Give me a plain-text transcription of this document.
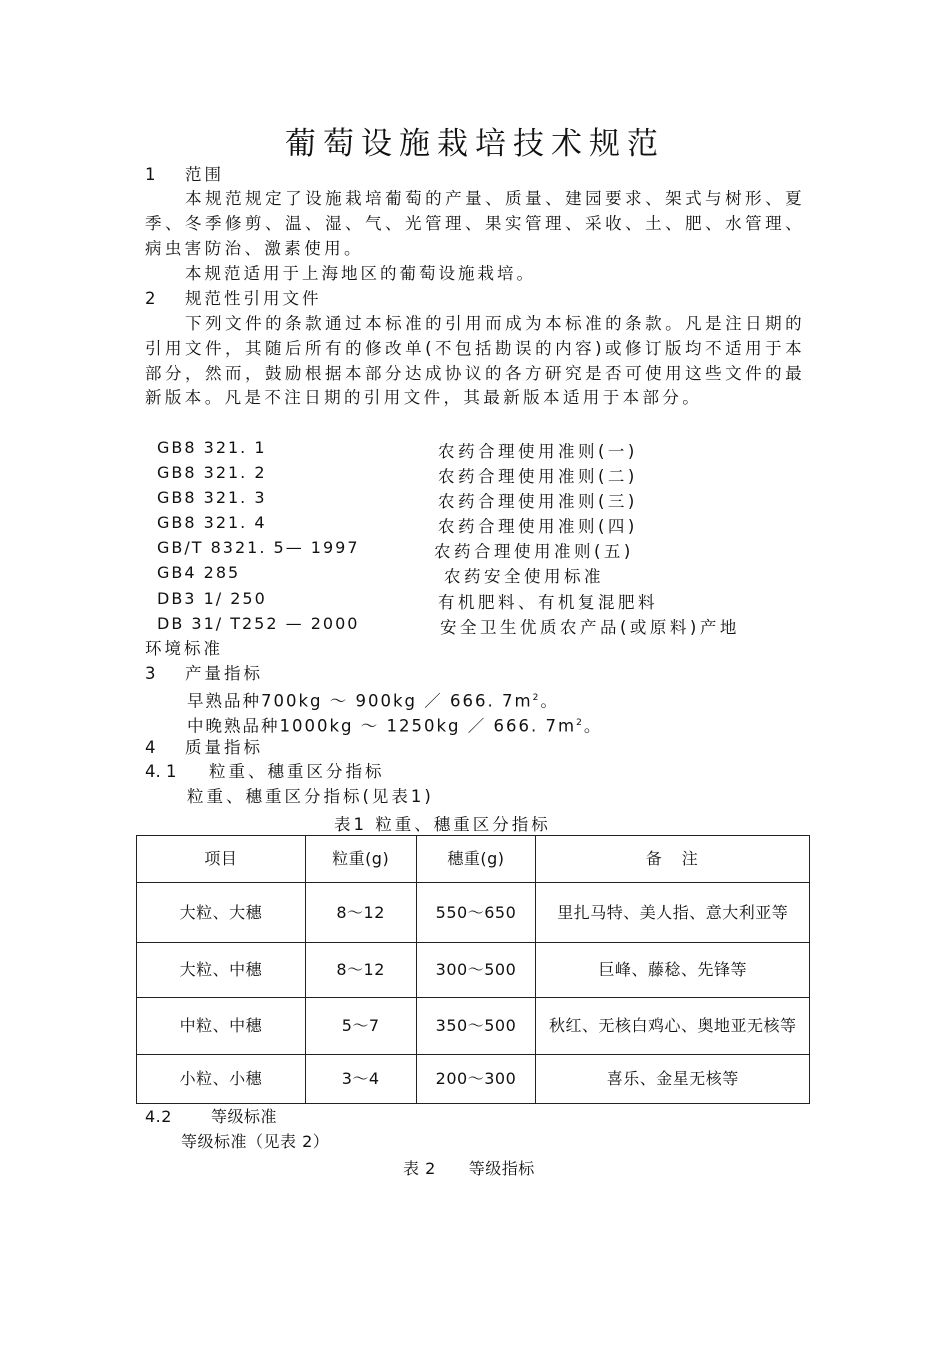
葡萄设施栽培技术规范
1 范围
本规范规定了设施栽培葡萄的产量、质量、建园要求、架式与树形、夏季、冬季修剪、温、湿、气、光管理、果实管理、采收、土、肥、水管理、病虫害防治、激素使用。
本规范适用于上海地区的葡萄设施栽培。
2 规范性引用文件
下列文件的条款通过本标准的引用而成为本标准的条款。凡是注日期的引用文件，其随后所有的修改单(不包括勘误的内容)或修订版均不适用于本部分，然而，鼓励根据本部分达成协议的各方研究是否可使用这些文件的最新版本。凡是不注日期的引用文件，其最新版本适用于本部分。
GB8 321. 1	农药合理使用准则(一)
GB8 321. 2	农药合理使用准则(二)
GB8 321. 3	农药合理使用准则(三)
GB8 321. 4	农药合理使用准则(四)
GB/T 8321. 5— 1997	农药合理使用准则(五)
GB4 285	农药安全使用标准
DB3 1/ 250	有机肥料、有机复混肥料
DB 31/ T252 — 2000	安全卫生优质农产品(或原料)产地
环境标准
3 产量指标
早熟品种700kg ～ 900kg ／ 666. $7m^2$。
中晚熟品种1000kg ～ 1250kg ／ 666. $7m^2$。
4 质量指标
4. 1 粒重、穗重区分指标
粒重、穗重区分指标(见表1)
表1 粒重、穗重区分指标
项目	粒重(g)	穗重(g)	备　注
大粒、大穗	8～12	550～650	里扎马特、美人指、意大利亚等
大粒、中穗	8～12	300～500	巨峰、藤稔、先锋等
中粒、中穗	5～7	350～500	秋红、无核白鸡心、奥地亚无核等
小粒、小穗	3～4	200～300	喜乐、金星无核等
4.2 等级标准
等级标准（见表 2）
表 2　　等级指标
